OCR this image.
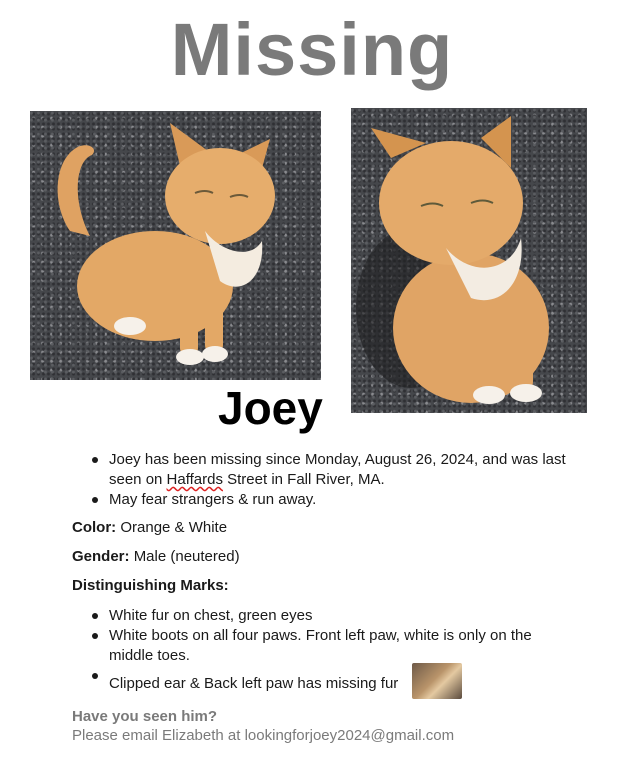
Missing
Joey
Joey has been missing since Monday, August 26, 2024, and was last seen on Haffards Street in Fall River, MA.
May fear strangers & run away.
Color: Orange & White
Gender: Male (neutered)
Distinguishing Marks:
White fur on chest, green eyes
White boots on all four paws. Front left paw, white is only on the middle toes.
Clipped ear & Back left paw has missing fur
Have you seen him?
Please email Elizabeth at lookingforjoey2024@gmail.com
